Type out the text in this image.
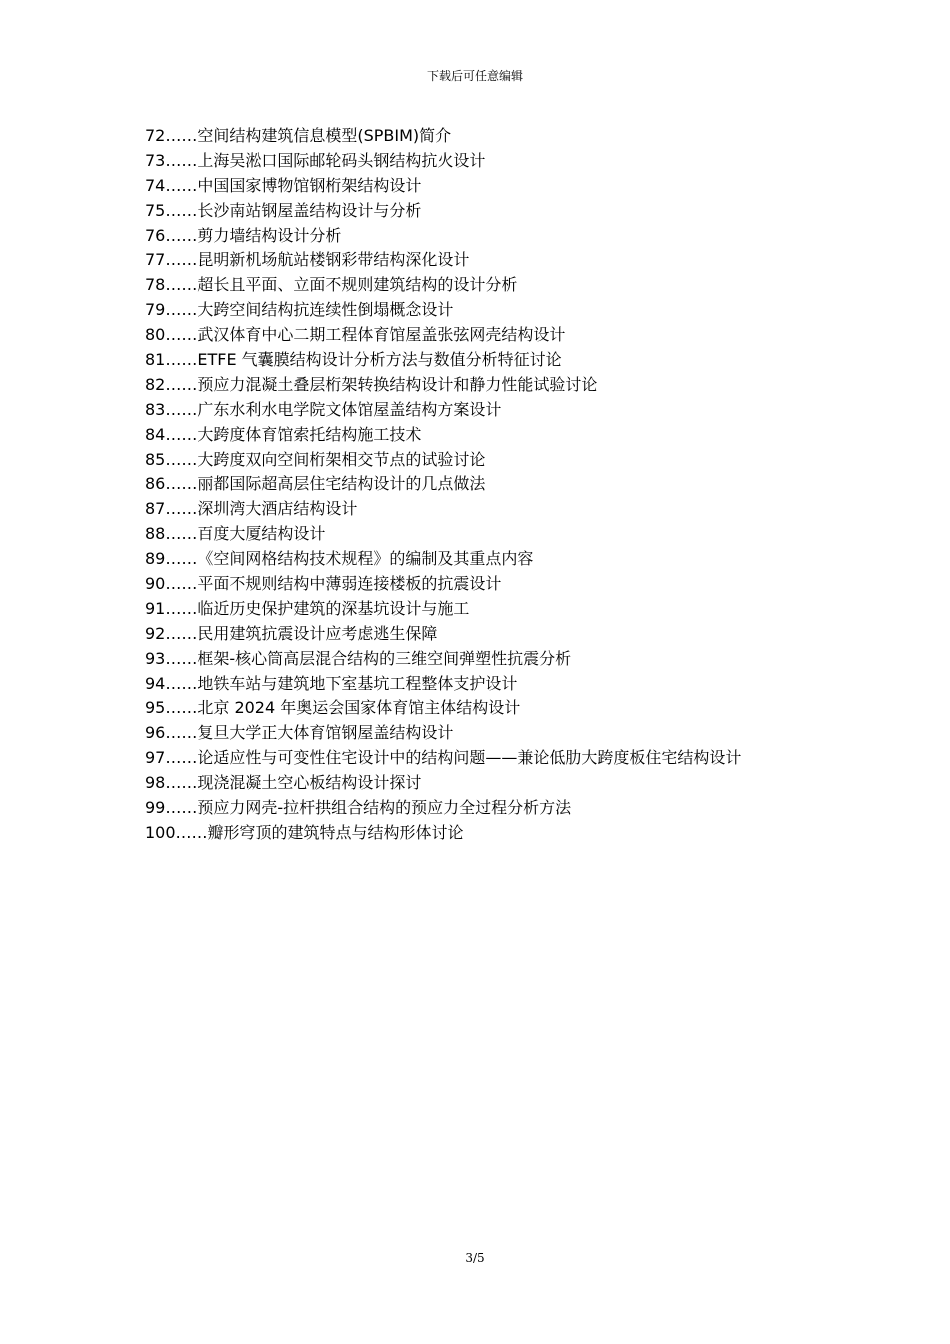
下载后可任意编辑
72……空间结构建筑信息模型(SPBIM)简介
73……上海吴淞口国际邮轮码头钢结构抗火设计
74……中国国家博物馆钢桁架结构设计
75……长沙南站钢屋盖结构设计与分析
76……剪力墙结构设计分析
77……昆明新机场航站楼钢彩带结构深化设计
78……超长且平面、立面不规则建筑结构的设计分析
79……大跨空间结构抗连续性倒塌概念设计
80……武汉体育中心二期工程体育馆屋盖张弦网壳结构设计
81……ETFE 气囊膜结构设计分析方法与数值分析特征讨论
82……预应力混凝土叠层桁架转换结构设计和静力性能试验讨论
83……广东水利水电学院文体馆屋盖结构方案设计
84……大跨度体育馆索托结构施工技术
85……大跨度双向空间桁架相交节点的试验讨论
86……丽都国际超高层住宅结构设计的几点做法
87……深圳湾大酒店结构设计
88……百度大厦结构设计
89……《空间网格结构技术规程》的编制及其重点内容
90……平面不规则结构中薄弱连接楼板的抗震设计
91……临近历史保护建筑的深基坑设计与施工
92……民用建筑抗震设计应考虑逃生保障
93……框架-核心筒高层混合结构的三维空间弹塑性抗震分析
94……地铁车站与建筑地下室基坑工程整体支护设计
95……北京 2024 年奥运会国家体育馆主体结构设计
96……复旦大学正大体育馆钢屋盖结构设计
97……论适应性与可变性住宅设计中的结构问题——兼论低肋大跨度板住宅结构设计
98……现浇混凝土空心板结构设计探讨
99……预应力网壳-拉杆拱组合结构的预应力全过程分析方法
100……瓣形穹顶的建筑特点与结构形体讨论
3/5
